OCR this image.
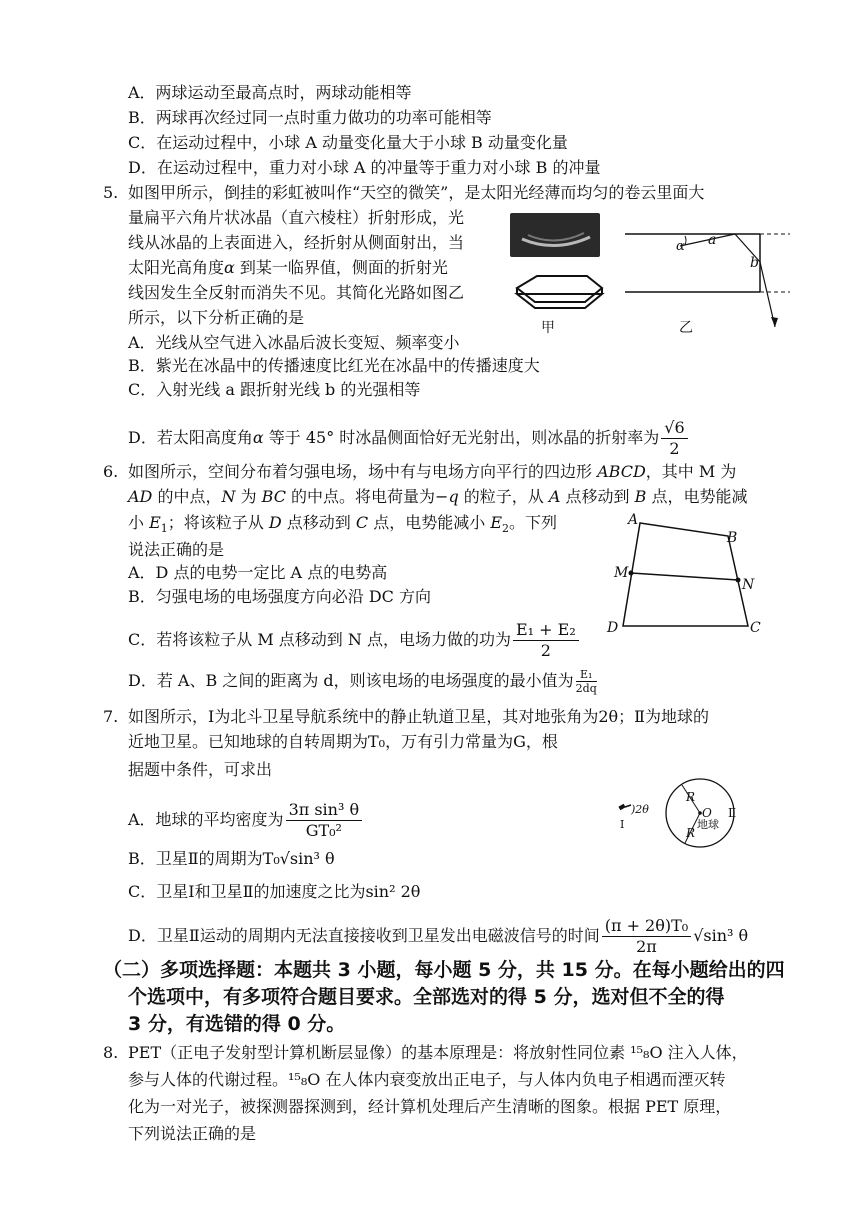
A．两球运动至最高点时，两球动能相等
B．两球再次经过同一点时重力做功的功率可能相等
C．在运动过程中，小球 A 动量变化量大于小球 B 动量变化量
D．在运动过程中，重力对小球 A 的冲量等于重力对小球 B 的冲量
5. 如图甲所示，倒挂的彩虹被叫作“天空的微笑”，是太阳光经薄而均匀的卷云里面大
量扁平六角片状冰晶（直六棱柱）折射形成，光
线从冰晶的上表面进入，经折射从侧面射出，当
太阳光高角度α 到某一临界值，侧面的折射光
线因发生全反射而消失不见。其简化光路如图乙
所示，以下分析正确的是
A．光线从空气进入冰晶后波长变短、频率变小
B．紫光在冰晶中的传播速度比红光在冰晶中的传播速度大
C．入射光线 a 跟折射光线 b 的光强相等
D．若太阳高度角α 等于 45° 时冰晶侧面恰好无光射出，则冰晶的折射率为 $\frac{√6}{2}$
甲
α a
b
乙
6. 如图所示，空间分布着匀强电场，场中有与电场方向平行的四边形 ABCD，其中 M 为
AD 的中点，N 为 BC 的中点。将电荷量为−q 的粒子，从 A 点移动到 B 点，电势能减
小 $E_1$；将该粒子从 D 点移动到 C 点，电势能减小 $E_2$。下列
说法正确的是
A．D 点的电势一定比 A 点的电势高
B．匀强电场的电场强度方向必沿 DC 方向
C．若将该粒子从 M 点移动到 N 点，电场力做的功为 $\frac{\text{E₁ + E₂}}{2}$
D．若 A、B 之间的距离为 d，则该电场的电场强度的最小值为 $\frac{\text{E₁}}{2dq}$
A
B
C
D
M
N
7. 如图所示，Ⅰ为北斗卫星导航系统中的静止轨道卫星，其对地张角为2θ；Ⅱ为地球的
近地卫星。已知地球的自转周期为T₀，万有引力常量为G，根
据题中条件，可求出
A．地球的平均密度为 $\frac{\text{3π sin³ θ}}{\text{GT₀²}}$
B．卫星Ⅱ的周期为T₀√sin³ θ
C．卫星Ⅰ和卫星Ⅱ的加速度之比为sin² 2θ
D．卫星Ⅱ运动的周期内无法直接接收到卫星发出电磁波信号的时间 $\frac{\text{(π + 2θ)T₀}}{2\pi} √\sin^3$ θ
Ⅰ
)2θ
R
R
O
地球
Ⅱ
（二）多项选择题：本题共 3 小题，每小题 5 分，共 15 分。在每小题给出的四
个选项中，有多项符合题目要求。全部选对的得 5 分，选对但不全的得
3 分，有选错的得 0 分。
8. PET（正电子发射型计算机断层显像）的基本原理是：将放射性同位素 ¹⁵₈O 注入人体，
参与人体的代谢过程。¹⁵₈O 在人体内衰变放出正电子，与人体内负电子相遇而湮灭转
化为一对光子，被探测器探测到，经计算机处理后产生清晰的图象。根据 PET 原理，
下列说法正确的是
